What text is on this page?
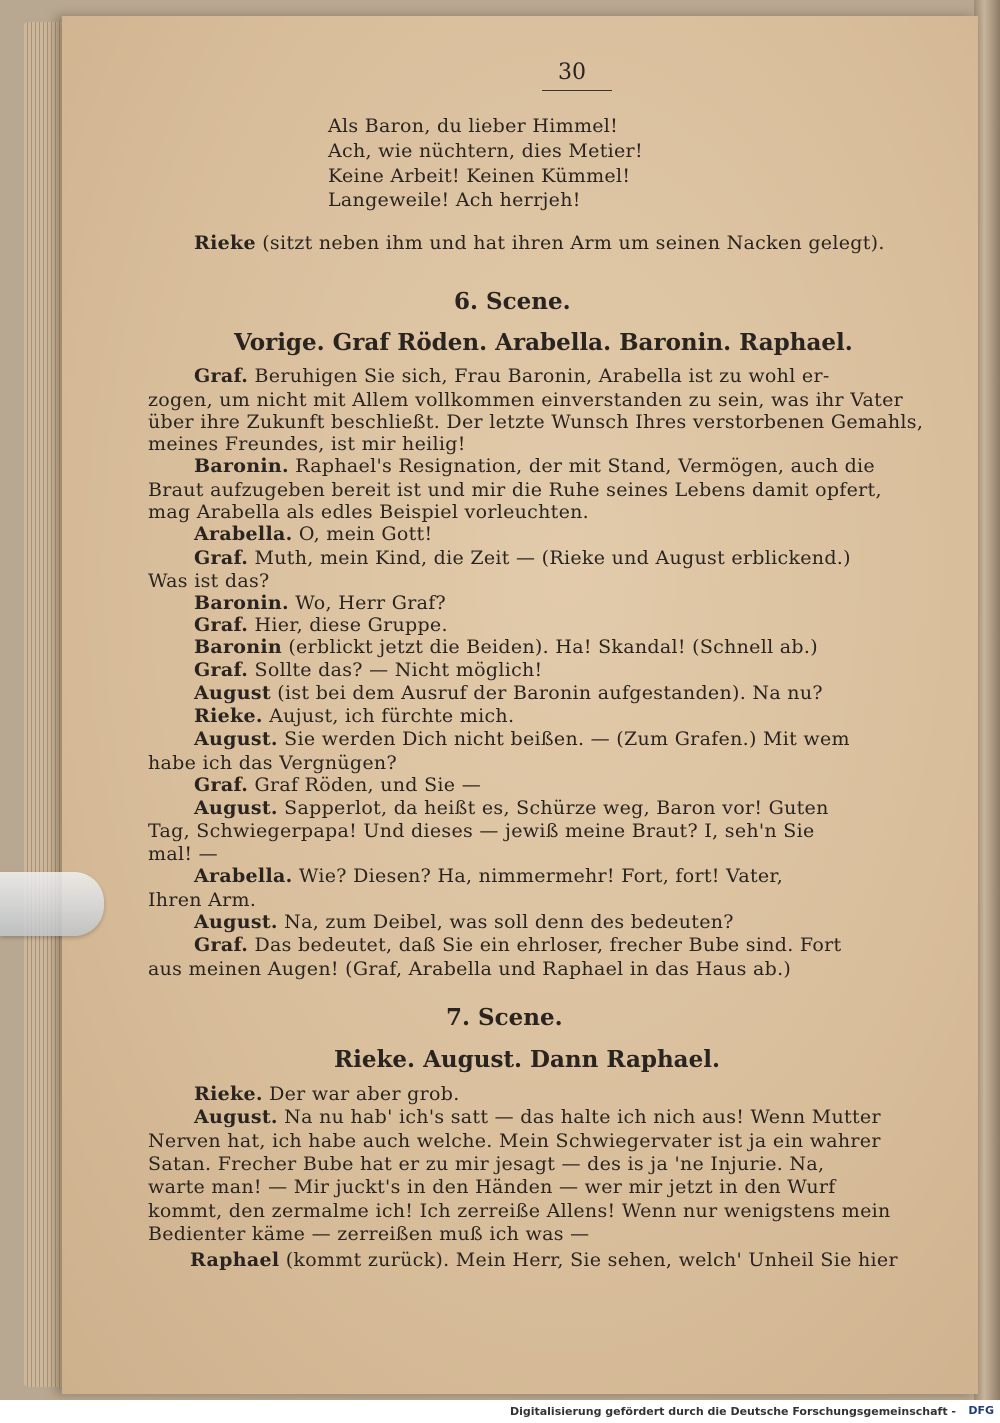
30
Als Baron, du lieber Himmel!
Ach, wie nüchtern, dies Metier!
Keine Arbeit! Keinen Kümmel!
Langeweile! Ach herrjeh!
Rieke (sitzt neben ihm und hat ihren Arm um seinen Nacken gelegt).
6. Scene.
Vorige. Graf Röden. Arabella. Baronin. Raphael.
Graf. Beruhigen Sie sich, Frau Baronin, Arabella ist zu wohl er-
zogen, um nicht mit Allem vollkommen einverstanden zu sein, was ihr Vater
über ihre Zukunft beschließt. Der letzte Wunsch Ihres verstorbenen Gemahls,
meines Freundes, ist mir heilig!
Baronin. Raphael's Resignation, der mit Stand, Vermögen, auch die
Braut aufzugeben bereit ist und mir die Ruhe seines Lebens damit opfert,
mag Arabella als edles Beispiel vorleuchten.
Arabella. O, mein Gott!
Graf. Muth, mein Kind, die Zeit — (Rieke und August erblickend.)
Was ist das?
Baronin. Wo, Herr Graf?
Graf. Hier, diese Gruppe.
Baronin (erblickt jetzt die Beiden). Ha! Skandal! (Schnell ab.)
Graf. Sollte das? — Nicht möglich!
August (ist bei dem Ausruf der Baronin aufgestanden). Na nu?
Rieke. Aujust, ich fürchte mich.
August. Sie werden Dich nicht beißen. — (Zum Grafen.) Mit wem
habe ich das Vergnügen?
Graf. Graf Röden, und Sie —
August. Sapperlot, da heißt es, Schürze weg, Baron vor! Guten
Tag, Schwiegerpapa! Und dieses — jewiß meine Braut? I, seh'n Sie
mal! —
Arabella. Wie? Diesen? Ha, nimmermehr! Fort, fort! Vater,
Ihren Arm.
August. Na, zum Deibel, was soll denn des bedeuten?
Graf. Das bedeutet, daß Sie ein ehrloser, frecher Bube sind. Fort
aus meinen Augen! (Graf, Arabella und Raphael in das Haus ab.)
7. Scene.
Rieke. August. Dann Raphael.
Rieke. Der war aber grob.
August. Na nu hab' ich's satt — das halte ich nich aus! Wenn Mutter
Nerven hat, ich habe auch welche. Mein Schwiegervater ist ja ein wahrer
Satan. Frecher Bube hat er zu mir jesagt — des is ja 'ne Injurie. Na,
warte man! — Mir juckt's in den Händen — wer mir jetzt in den Wurf
kommt, den zermalme ich! Ich zerreiße Allens! Wenn nur wenigstens mein
Bedienter käme — zerreißen muß ich was —
Raphael (kommt zurück). Mein Herr, Sie sehen, welch' Unheil Sie hier
Digitalisierung gefördert durch die Deutsche Forschungsgemeinschaft - DFG
